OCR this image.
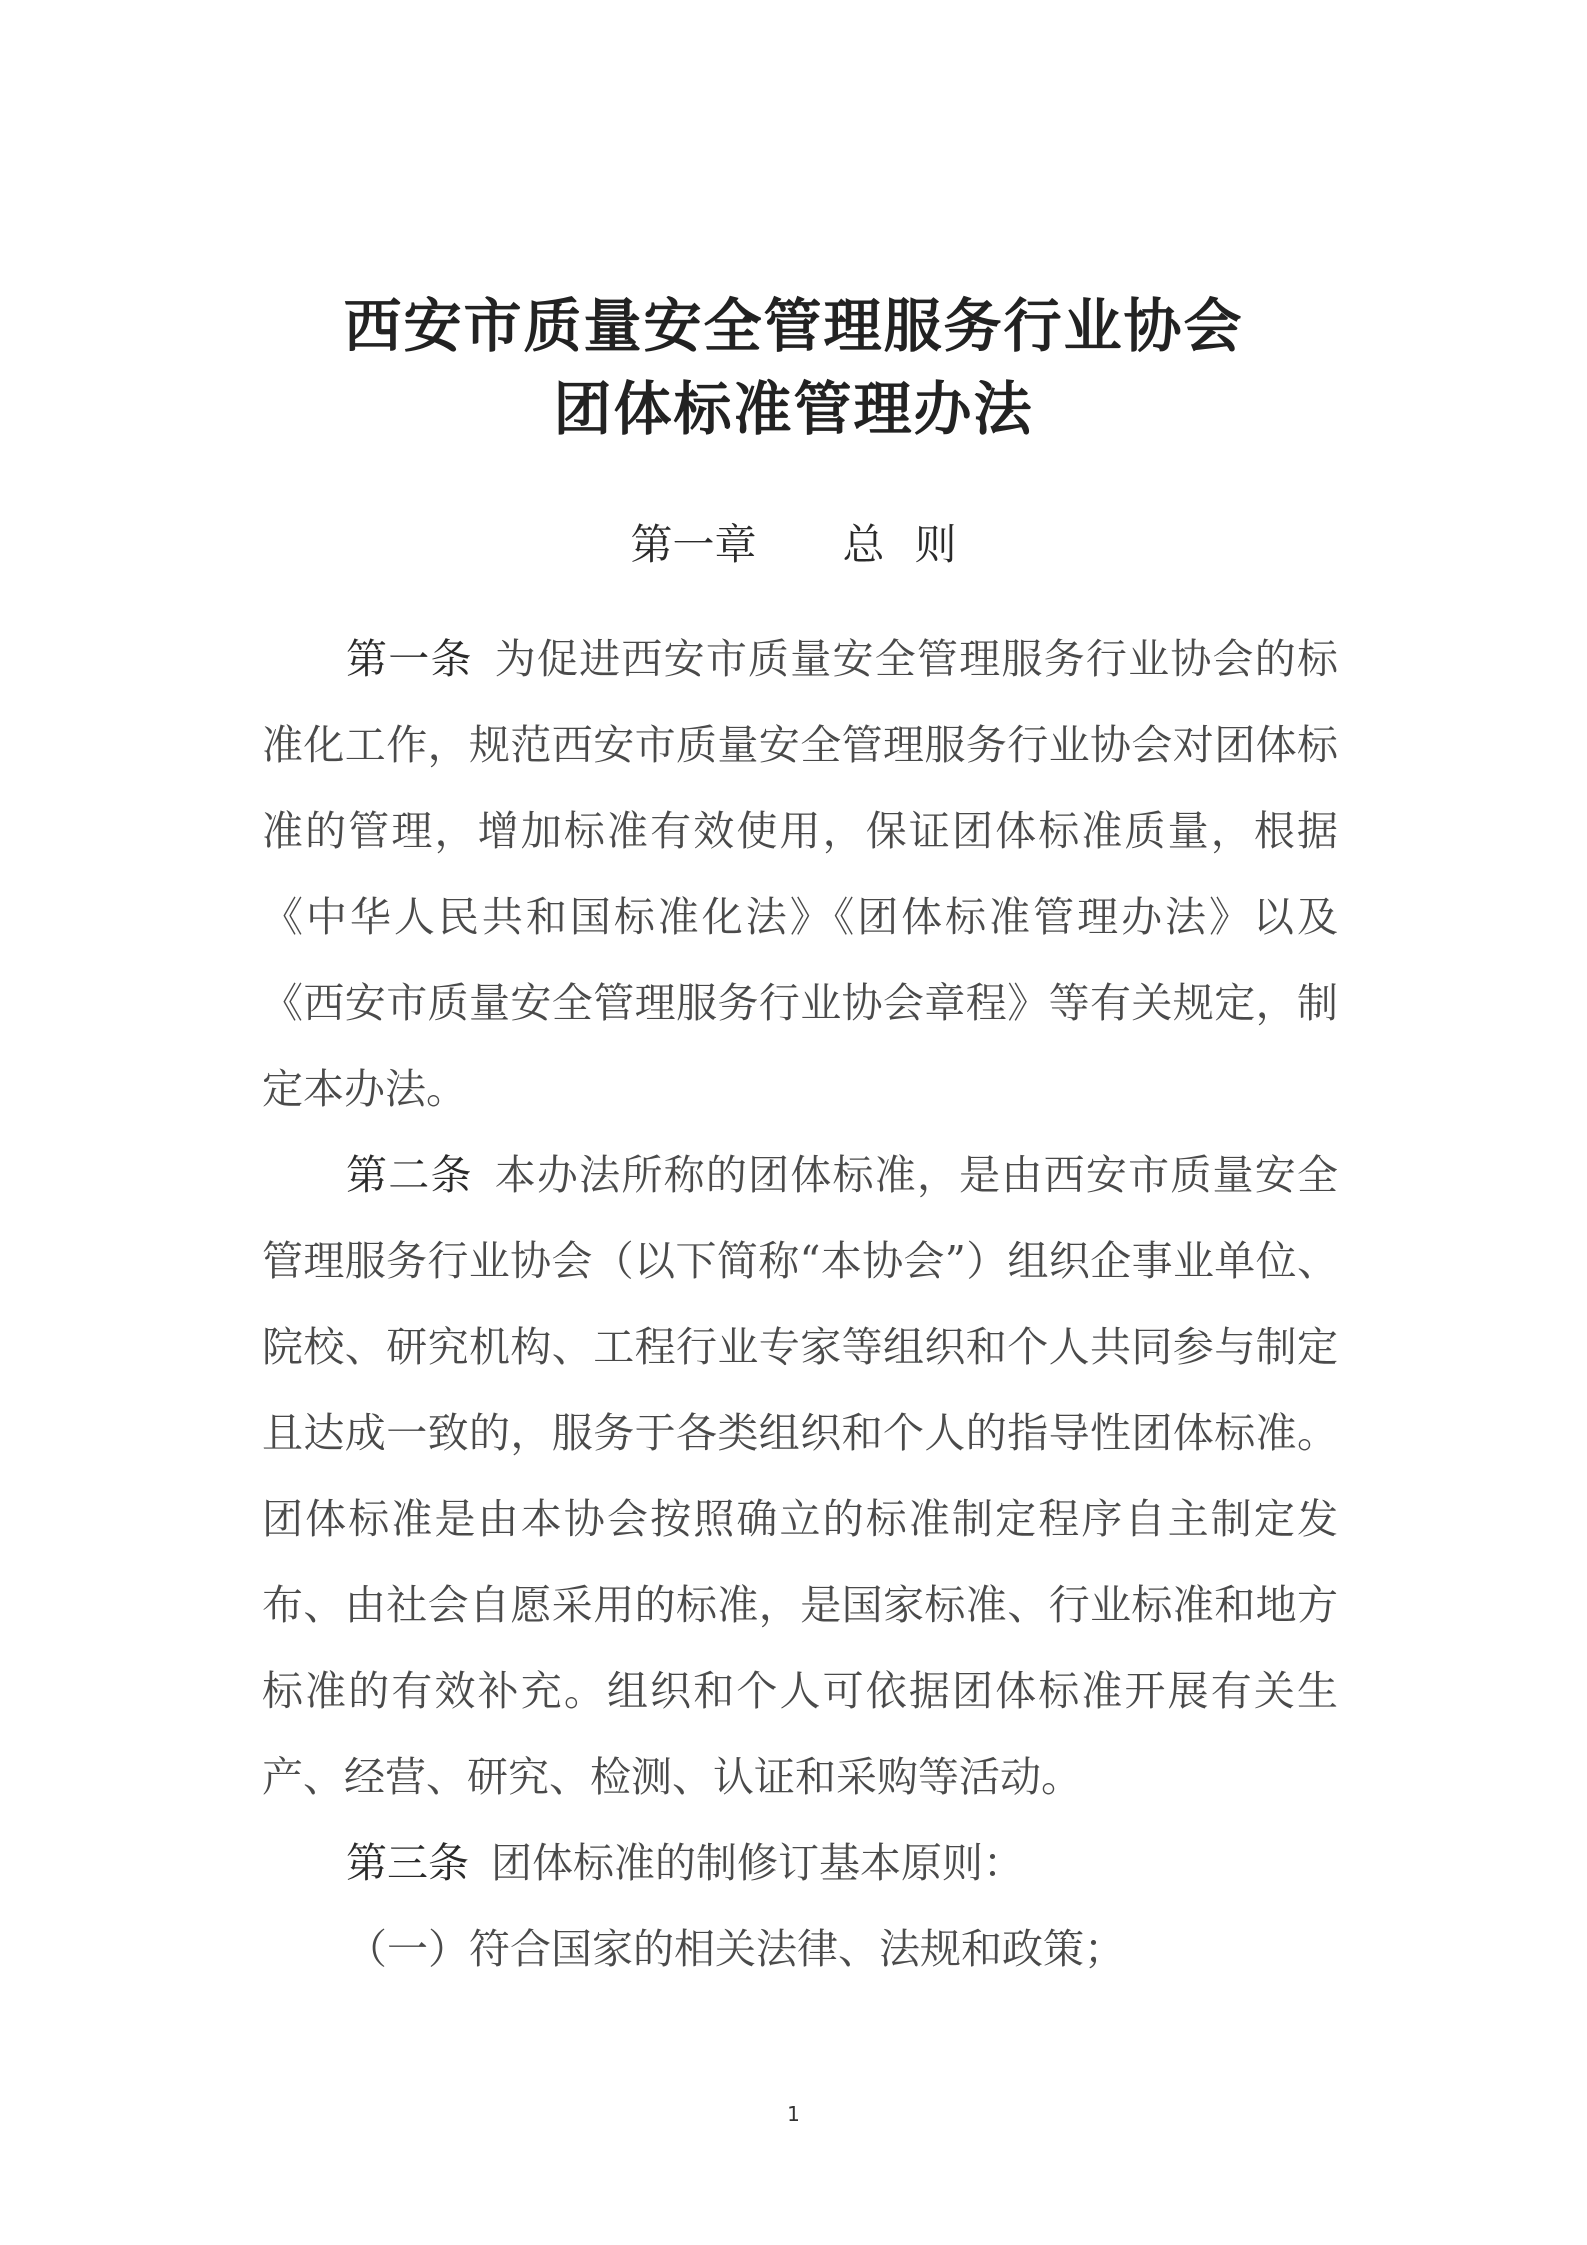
西安市质量安全管理服务行业协会
团体标准管理办法
第一章 总 则

第一条 为促进西安市质量安全管理服务行业协会的标准化工作，规范西安市质量安全管理服务行业协会对团体标准的管理，增加标准有效使用，保证团体标准质量，根据《中华人民共和国标准化法》《团体标准管理办法》以及《西安市质量安全管理服务行业协会章程》等有关规定，制定本办法。

第二条 本办法所称的团体标准，是由西安市质量安全管理服务行业协会（以下简称“本协会”）组织企事业单位、院校、研究机构、工程行业专家等组织和个人共同参与制定且达成一致的，服务于各类组织和个人的指导性团体标准。团体标准是由本协会按照确立的标准制定程序自主制定发布、由社会自愿采用的标准，是国家标准、行业标准和地方标准的有效补充。组织和个人可依据团体标准开展有关生产、经营、研究、检测、认证和采购等活动。

第三条 团体标准的制修订基本原则：

（一）符合国家的相关法律、法规和政策；

1
